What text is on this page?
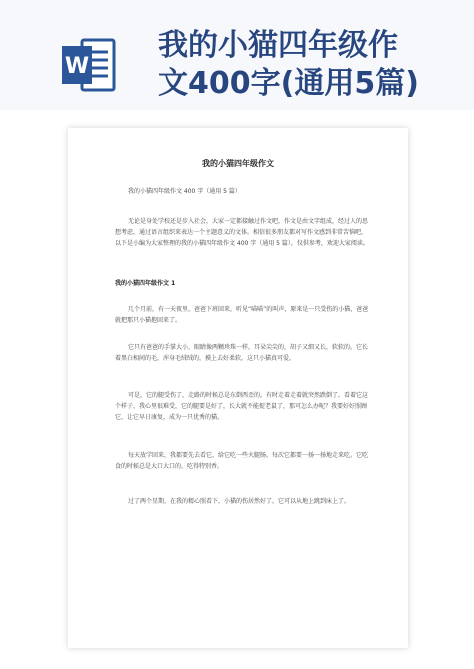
W
我的小猫四年级作
文400字(通用5篇)
我的小猫四年级作文
我的小猫四年级作文 400 字（通用 5 篇）
无论是身处学校还是步入社会，大家一定都接触过作文吧，作文是由文字组成，经过人的思想考虑，通过语言组织来表达一个主题意义的文体。相信很多朋友都对写作文感到非常苦恼吧，以下是小编为大家整理的我的小猫四年级作文 400 字（通用 5 篇），仅供参考，欢迎大家阅读。
我的小猫四年级作文 1
几个月前，有一天夜里，爸爸下班回来，听见“喵喵”的叫声，原来是一只受伤的小猫，爸爸就把那只小猫抱回来了。
它只有爸爸的手掌大小，眼睛像两颗珍珠一样，耳朵尖尖的，胡子又细又长，软软的。它长着黑白相间的毛，浑身毛绒绒的，摸上去好柔软。这只小猫真可爱。
可是，它的腿受伤了，走路的时候总是东倒西歪的。有时走着走着就突然跌倒了。看着它这个样子，我心里很难受，它的腿要是好了，长大就不能捉老鼠了，那可怎么办呢？我要好好照顾它，让它早日康复，成为一只优秀的猫。
每天放学回来，我都要先去看它，给它吃一些火腿肠。每次它都要一扬一扬地走来吃。它吃食的时候总是大口大口的，吃得特别香。
过了两个星期，在我的精心照看下，小猫的伤居然好了，它可以从地上跳到床上了。
